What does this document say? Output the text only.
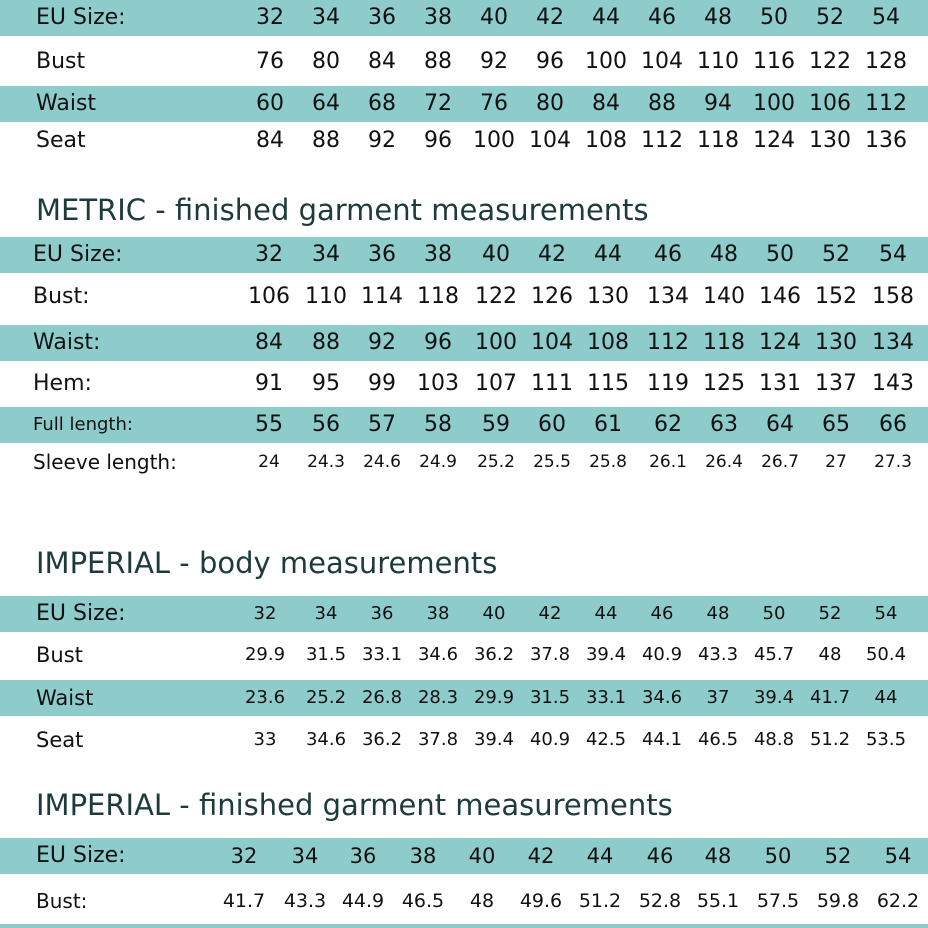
EU Size:	32	34	36	38	40	42	44	46	48	50	52	54
Bust	76	80	84	88	92	96 100 104 110 116 122 128
Waist	60	64	68	72	76	80	84	88	94 100 106 112
Seat	84	88	92	96 100 104 108 112 118 124 130 136
METRIC - finished garment measurements
EU Size:	32	34	36	38	40	42	44	46	48	50	52	54
Bust:	106 110 114 118 122 126 130 134 140 146 152 158
Waist:	84	88	92	96	100 104 108 112 118 124 130 134
Hem:	91	95	99 103 107 111 115 119 125 131 137 143
Full length:	55	56	57	58	59	60	61	62	63	64	65	66
Sleeve length:	24	24.3	24.6	24.9	25.2	25.5	25.8	26.1	26.4	26.7	27	27.3
IMPERIAL - body measurements
EU Size:	32	34	36	38	40	42	44	46	48	50	52	54
Bust	29.9	31.5 33.1 34.6 36.2 37.8 39.4 40.9 43.3 45.7	48	50.4
Waist	23.6	25.2 26.8 28.3 29.9 31.5 33.1 34.6	37	39.4 41.7	44
Seat	33	34.6 36.2 37.8 39.4 40.9 42.5 44.1 46.5 48.8 51.2 53.5
IMPERIAL - finished garment measurements
EU Size:	32	34	36	38	40	42	44	46	48	50	52	54
Bust:	41.7 43.3 44.9 46.5	48	49.6 51.2 52.8 55.1 57.5 59.8 62.2
